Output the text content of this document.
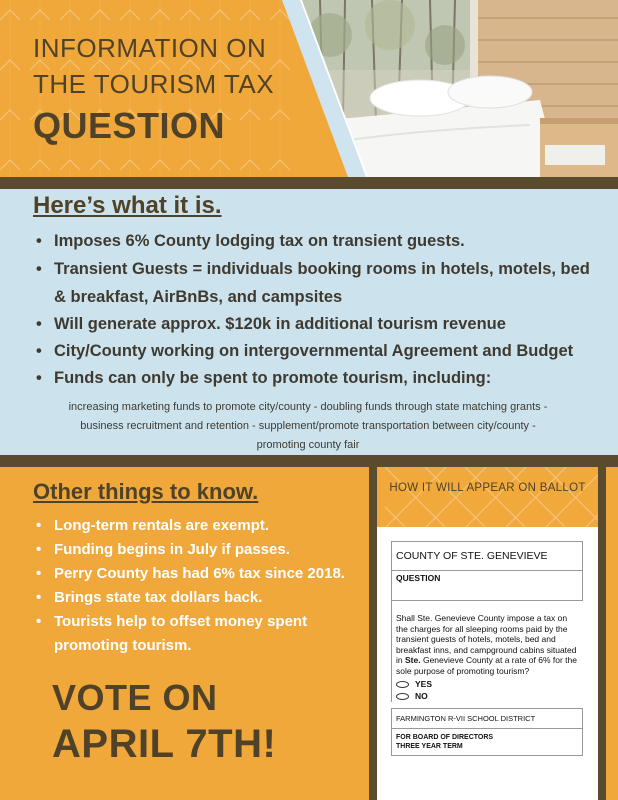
INFORMATION ON
THE TOURISM TAX
QUESTION
Here’s what it is.
• Imposes 6% County lodging tax on transient guests.
• Transient Guests = individuals booking rooms in hotels, motels, bed & breakfast, AirBnBs, and campsites
• Will generate approx. $120k in additional tourism revenue
• City/County working on intergovernmental Agreement and Budget
• Funds can only be spent to promote tourism, including:
increasing marketing funds to promote city/county - doubling funds through state matching grants - business recruitment and retention - supplement/promote transportation between city/county - promoting county fair
Other things to know.
• Long-term rentals are exempt.
• Funding begins in July if passes.
• Perry County has had 6% tax since 2018.
• Brings state tax dollars back.
• Tourists help to offset money spent promoting tourism.
VOTE ON
APRIL 7TH!
HOW IT WILL APPEAR ON BALLOT
COUNTY OF STE. GENEVIEVE
QUESTION
Shall Ste. Genevieve County impose a tax on the charges for all sleeping rooms paid by the transient guests of hotels, motels, bed and breakfast inns, and campground cabins situated in Ste. Genevieve County at a rate of 6% for the sole purpose of promoting tourism?
YES
NO
FARMINGTON R-VII SCHOOL DISTRICT
FOR BOARD OF DIRECTORS
THREE YEAR TERM
